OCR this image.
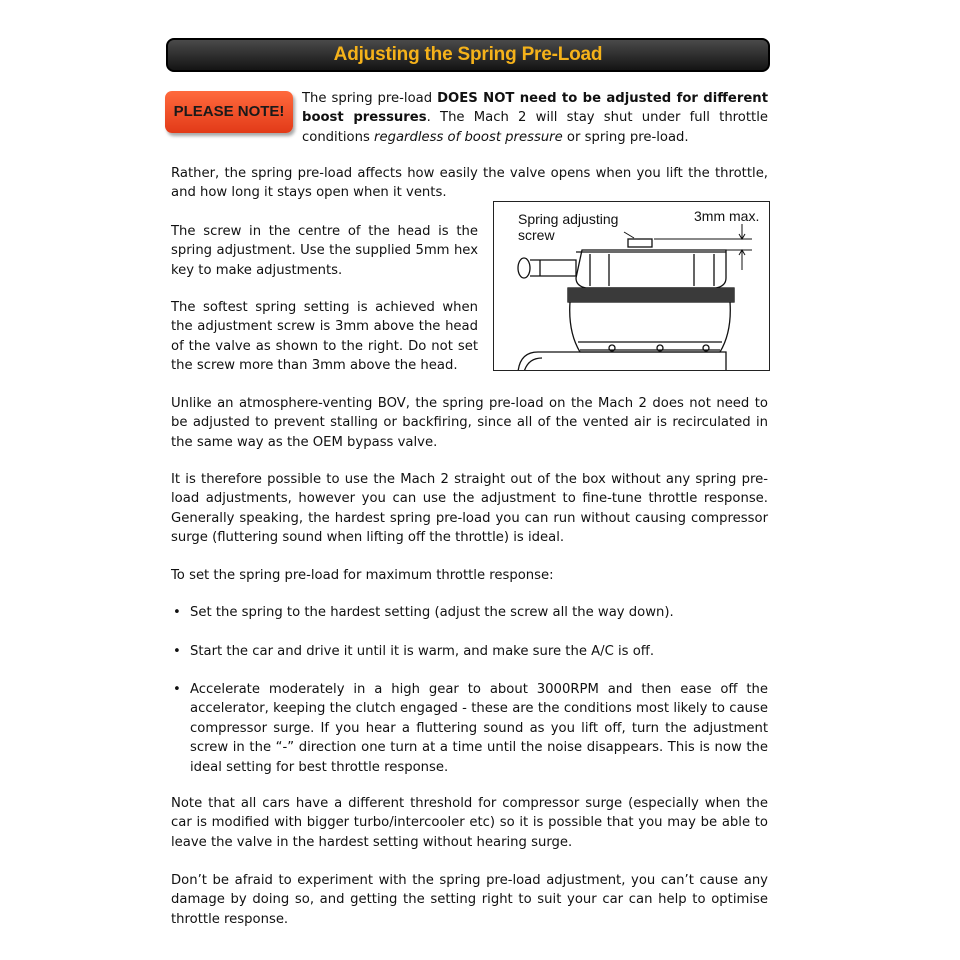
Adjusting the Spring Pre-Load
PLEASE NOTE!

The spring pre-load DOES NOT need to be adjusted for different boost pressures. The Mach 2 will stay shut under full throttle conditions regardless of boost pressure or spring pre-load.

Rather, the spring pre-load affects how easily the valve opens when you lift the throttle, and how long it stays open when it vents.

The screw in the centre of the head is the spring adjustment. Use the supplied 5mm hex key to make adjustments.

The softest spring setting is achieved when the adjustment screw is 3mm above the head of the valve as shown to the right. Do not set the screw more than 3mm above the head.

Spring adjusting
screw
3mm max.

Unlike an atmosphere-venting BOV, the spring pre-load on the Mach 2 does not need to be adjusted to prevent stalling or backfiring, since all of the vented air is recirculated in the same way as the OEM bypass valve.

It is therefore possible to use the Mach 2 straight out of the box without any spring pre-load adjustments, however you can use the adjustment to fine-tune throttle response. Generally speaking, the hardest spring pre-load you can run without causing compressor surge (fluttering sound when lifting off the throttle) is ideal.

To set the spring pre-load for maximum throttle response:

• Set the spring to the hardest setting (adjust the screw all the way down).

• Start the car and drive it until it is warm, and make sure the A/C is off.

• Accelerate moderately in a high gear to about 3000RPM and then ease off the accelerator, keeping the clutch engaged - these are the conditions most likely to cause compressor surge. If you hear a fluttering sound as you lift off, turn the adjustment screw in the “-” direction one turn at a time until the noise disappears. This is now the ideal setting for best throttle response.

Note that all cars have a different threshold for compressor surge (especially when the car is modified with bigger turbo/intercooler etc) so it is possible that you may be able to leave the valve in the hardest setting without hearing surge.

Don’t be afraid to experiment with the spring pre-load adjustment, you can’t cause any damage by doing so, and getting the setting right to suit your car can help to optimise throttle response.
